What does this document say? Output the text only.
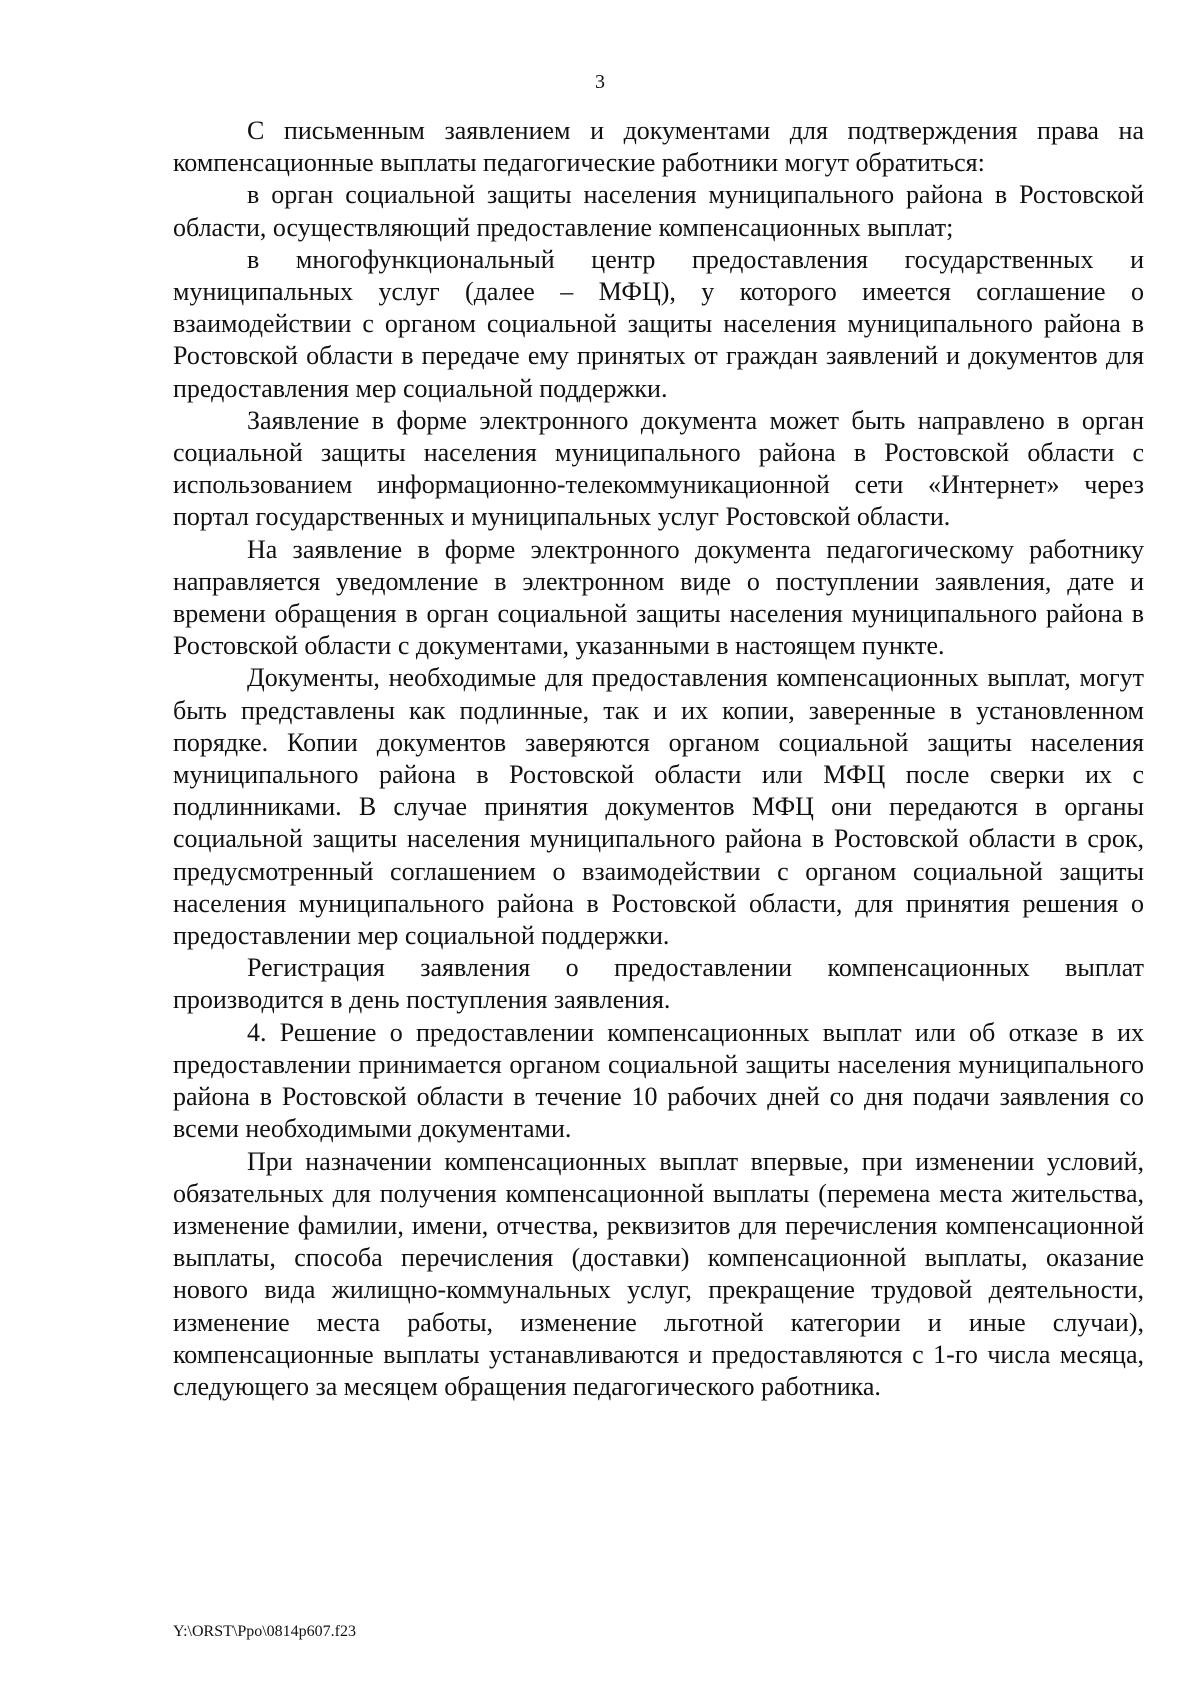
3

С письменным заявлением и документами для подтверждения права на компенсационные выплаты педагогические работники могут обратиться:

в орган социальной защиты населения муниципального района в Ростовской области, осуществляющий предоставление компенсационных выплат;

в многофункциональный центр предоставления государственных и муниципальных услуг (далее – МФЦ), у которого имеется соглашение о взаимодействии с органом социальной защиты населения муниципального района в Ростовской области в передаче ему принятых от граждан заявлений и документов для предоставления мер социальной поддержки.

Заявление в форме электронного документа может быть направлено в орган социальной защиты населения муниципального района в Ростовской области с использованием информационно-телекоммуникационной сети «Интернет» через портал государственных и муниципальных услуг Ростовской области.

На заявление в форме электронного документа педагогическому работнику направляется уведомление в электронном виде о поступлении заявления, дате и времени обращения в орган социальной защиты населения муниципального района в Ростовской области с документами, указанными в настоящем пункте.

Документы, необходимые для предоставления компенсационных выплат, могут быть представлены как подлинные, так и их копии, заверенные в установленном порядке. Копии документов заверяются органом социальной защиты населения муниципального района в Ростовской области или МФЦ после сверки их с подлинниками. В случае принятия документов МФЦ они передаются в органы социальной защиты населения муниципального района в Ростовской области в срок, предусмотренный соглашением о взаимодействии с органом социальной защиты населения муниципального района в Ростовской области, для принятия решения о предоставлении мер социальной поддержки.

Регистрация заявления о предоставлении компенсационных выплат производится в день поступления заявления.

4. Решение о предоставлении компенсационных выплат или об отказе в их предоставлении принимается органом социальной защиты населения муниципального района в Ростовской области в течение 10 рабочих дней со дня подачи заявления со всеми необходимыми документами.

При назначении компенсационных выплат впервые, при изменении условий, обязательных для получения компенсационной выплаты (перемена места жительства, изменение фамилии, имени, отчества, реквизитов для перечисления компенсационной выплаты, способа перечисления (доставки) компенсационной выплаты, оказание нового вида жилищно-коммунальных услуг, прекращение трудовой деятельности, изменение места работы, изменение льготной категории и иные случаи), компенсационные выплаты устанавливаются и предоставляются с 1-го числа месяца, следующего за месяцем обращения педагогического работника.

Y:\ORST\Ppo\0814p607.f23
